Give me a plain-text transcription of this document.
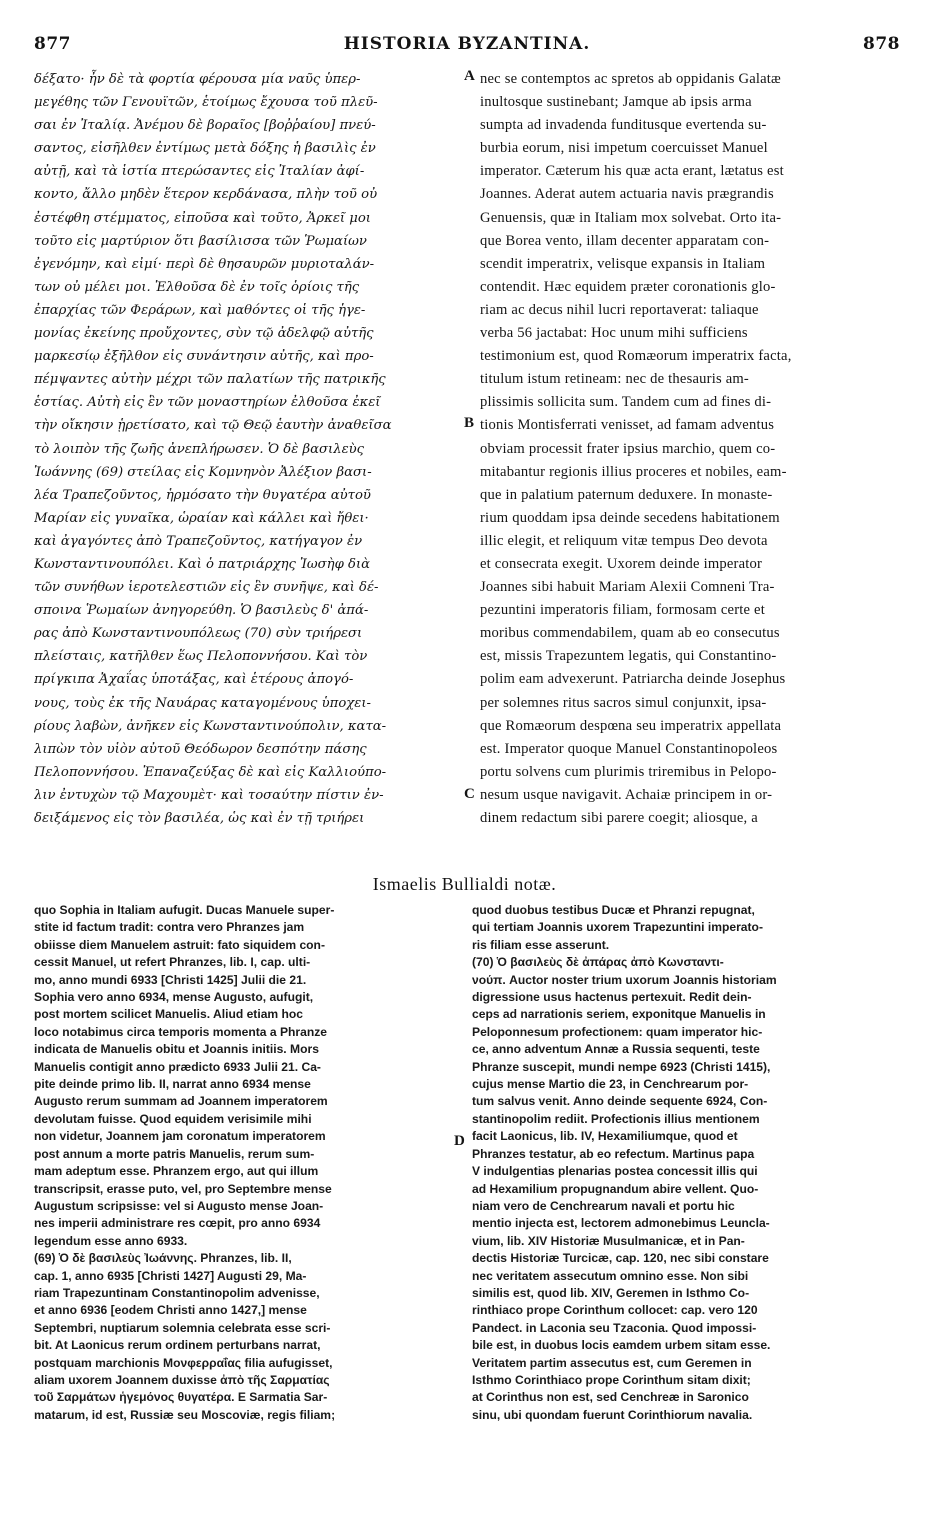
877	HISTORIA BYZANTINA.	878
δέξατο· ἦν δὲ τὰ φορτία φέρουσα μία ναῦς ὑπερ-
μεγέθης τῶν Γενουϊτῶν, ἑτοίμως ἔχουσα τοῦ πλεῦ-
σαι ἐν Ἰταλίᾳ. Ἀνέμου δὲ βοραῖος [βοῤῥαίου] πνεύ-
σαντος, εἰσῆλθεν ἐντίμως μετὰ δόξης ἡ βασιλὶς ἐν
αὐτῇ, καὶ τὰ ἱστία πτερώσαντες εἰς Ἰταλίαν ἀφί-
κοντο, ἄλλο μηδὲν ἕτερον κερδάνασα, πλὴν τοῦ οὐ
ἐστέφθη στέμματος, εἰποῦσα καὶ τοῦτο, Ἀρκεῖ μοι
τοῦτο εἰς μαρτύριον ὅτι βασίλισσα τῶν Ῥωμαίων
ἐγενόμην, καὶ εἰμί· περὶ δὲ θησαυρῶν μυριοταλάν-
των οὐ μέλει μοι. Ἐλθοῦσα δὲ ἐν τοῖς ὁρίοις τῆς
ἐπαρχίας τῶν Φεράρων, καὶ μαθόντες οἱ τῆς ἡγε-
μονίας ἐκείνης προὔχοντες, σὺν τῷ ἀδελφῷ αὐτῆς
μαρκεσίῳ ἐξῆλθον εἰς συνάντησιν αὐτῆς, καὶ προ-
πέμψαντες αὐτὴν μέχρι τῶν παλατίων τῆς πατρικῆς
ἑστίας. Αὐτὴ εἰς ἓν τῶν μοναστηρίων ἐλθοῦσα ἐκεῖ
τὴν οἴκησιν ᾑρετίσατο, καὶ τῷ Θεῷ ἑαυτὴν ἀναθεῖσα
τὸ λοιπὸν τῆς ζωῆς ἀνεπλήρωσεν. Ὁ δὲ βασιλεὺς
Ἰωάννης (69) στείλας εἰς Κομνηνὸν Ἀλέξιον βασι-
λέα Τραπεζοῦντος, ἡρμόσατο τὴν θυγατέρα αὐτοῦ
Μαρίαν εἰς γυναῖκα, ὡραίαν καὶ κάλλει καὶ ἤθει·
καὶ ἀγαγόντες ἀπὸ Τραπεζοῦντος, κατήγαγον ἐν
Κωνσταντινουπόλει. Καὶ ὁ πατριάρχης Ἰωσὴφ διὰ
τῶν συνήθων ἱεροτελεστιῶν εἰς ἓν συνῆψε, καὶ δέ-
σποινα Ῥωμαίων ἀνηγορεύθη. Ὁ βασιλεὺς δ' ἀπά-
ρας ἀπὸ Κωνσταντινουπόλεως (70) σὺν τριήρεσι
πλείσταις, κατῆλθεν ἕως Πελοποννήσου. Καὶ τὸν
πρίγκιπα Ἀχαΐας ὑποτάξας, καὶ ἑτέρους ἀπογό-
νους, τοὺς ἐκ τῆς Ναυάρας καταγομένους ὑποχει-
ρίους λαβὼν, ἀνῆκεν εἰς Κωνσταντινούπολιν, κατα-
λιπὼν τὸν υἱὸν αὐτοῦ Θεόδωρον δεσπότην πάσης
Πελοποννήσου. Ἐπαναζεύξας δὲ καὶ εἰς Καλλιούπο-
λιν ἐντυχὼν τῷ Μαχουμὲτ· καὶ τοσαύτην πίστιν ἐν-
δειξάμενος εἰς τὸν βασιλέα, ὡς καὶ ἐν τῇ τριήρει
nec se contemptos ac spretos ab oppidanis Galatæ
inultosque sustinebant; Jamque ab ipsis arma
sumpta ad invadenda funditusque evertenda su-
burbia eorum, nisi impetum coercuisset Manuel
imperator. Cæterum his quæ acta erant, lætatus est
Joannes. Aderat autem actuaria navis prægrandis
Genuensis, quæ in Italiam mox solvebat. Orto ita-
que Borea vento, illam decenter apparatam con-
scendit imperatrix, velisque expansis in Italiam
contendit. Hæc equidem præter coronationis glo-
riam ac decus nihil lucri reportaverat: taliaque
verba 56 jactabat: Hoc unum mihi sufficiens
testimonium est, quod Romæorum imperatrix facta,
titulum istum retineam: nec de thesauris am-
plissimis sollicita sum. Tandem cum ad fines di-
tionis Montisferrati venisset, ad famam adventus
obviam processit frater ipsius marchio, quem co-
mitabantur regionis illius proceres et nobiles, eam-
que in palatium paternum deduxere. In monaste-
rium quoddam ipsa deinde secedens habitationem
illic elegit, et reliquum vitæ tempus Deo devota
et consecrata exegit. Uxorem deinde imperator
Joannes sibi habuit Mariam Alexii Comneni Tra-
pezuntini imperatoris filiam, formosam certe et
moribus commendabilem, quam ab eo consecutus
est, missis Trapezuntem legatis, qui Constantino-
polim eam advexerunt. Patriarcha deinde Josephus
per solemnes ritus sacros simul conjunxit, ipsa-
que Romæorum despœna seu imperatrix appellata
est. Imperator quoque Manuel Constantinopoleos
portu solvens cum plurimis triremibus in Pelopo-
nesum usque navigavit. Achaiæ principem in or-
dinem redactum sibi parere coegit; aliosque, a
A
B
C
D
Ismaelis Bullialdi notæ.
quo Sophia in Italiam aufugit. Ducas Manuele super-
stite id factum tradit: contra vero Phranzes jam
obiisse diem Manuelem astruit: fato siquidem con-
cessit Manuel, ut refert Phranzes, lib. I, cap. ulti-
mo, anno mundi 6933 [Christi 1425] Julii die 21.
Sophia vero anno 6934, mense Augusto, aufugit,
post mortem scilicet Manuelis. Aliud etiam hoc
loco notabimus circa temporis momenta a Phranze
indicata de Manuelis obitu et Joannis initiis. Mors
Manuelis contigit anno prædicto 6933 Julii 21. Ca-
pite deinde primo lib. II, narrat anno 6934 mense
Augusto rerum summam ad Joannem imperatorem
devolutam fuisse. Quod equidem verisimile mihi
non videtur, Joannem jam coronatum imperatorem
post annum a morte patris Manuelis, rerum sum-
mam adeptum esse. Phranzem ergo, aut qui illum
transcripsit, erasse puto, vel, pro Septembre mense
Augustum scripsisse: vel si Augusto mense Joan-
nes imperii administrare res cœpit, pro anno 6934
legendum esse anno 6933.
(69) Ὁ δὲ βασιλεὺς Ἰωάννης. Phranzes, lib. II,
cap. 1, anno 6935 [Christi 1427] Augusti 29, Ma-
riam Trapezuntinam Constantinopolim advenisse,
et anno 6936 [eodem Christi anno 1427,] mense
Septembri, nuptiarum solemnia celebrata esse scri-
bit. At Laonicus rerum ordinem perturbans narrat,
postquam marchionis Μονφερραΐας filia aufugisset,
aliam uxorem Joannem duxisse ἀπὸ τῆς Σαρματίας
τοῦ Σαρμάτων ἡγεμόνος θυγατέρα. E Sarmatia Sar-
matarum, id est, Russiæ seu Moscoviæ, regis filiam;
quod duobus testibus Ducæ et Phranzi repugnat,
qui tertiam Joannis uxorem Trapezuntini imperato-
ris filiam esse asserunt.
(70) Ὁ βασιλεὺς δὲ ἀπάρας ἀπὸ Κωνσταντι-
νούπ. Auctor noster trium uxorum Joannis historiam
digressione usus hactenus pertexuit. Redit dein-
ceps ad narrationis seriem, exponitque Manuelis in
Peloponnesum profectionem: quam imperator hic-
ce, anno adventum Annæ a Russia sequenti, teste
Phranze suscepit, mundi nempe 6923 (Christi 1415),
cujus mense Martio die 23, in Cenchrearum por-
tum salvus venit. Anno deinde sequente 6924, Con-
stantinopolim rediit. Profectionis illius mentionem
facit Laonicus, lib. IV, Hexamiliumque, quod et
Phranzes testatur, ab eo refectum. Martinus papa
V indulgentias plenarias postea concessit illis qui
ad Hexamilium propugnandum abire vellent. Quo-
niam vero de Cenchrearum navali et portu hic
mentio injecta est, lectorem admonebimus Leuncla-
vium, lib. XIV Historiæ Musulmanicæ, et in Pan-
dectis Historiæ Turcicæ, cap. 120, nec sibi constare
nec veritatem assecutum omnino esse. Non sibi
similis est, quod lib. XIV, Geremen in Isthmo Co-
rinthiaco prope Corinthum collocet: cap. vero 120
Pandect. in Laconia seu Tzaconia. Quod impossi-
bile est, in duobus locis eamdem urbem sitam esse.
Veritatem partim assecutus est, cum Geremen in
Isthmo Corinthiaco prope Corinthum sitam dixit;
at Corinthus non est, sed Cenchreæ in Saronico
sinu, ubi quondam fuerunt Corinthiorum navalia.
